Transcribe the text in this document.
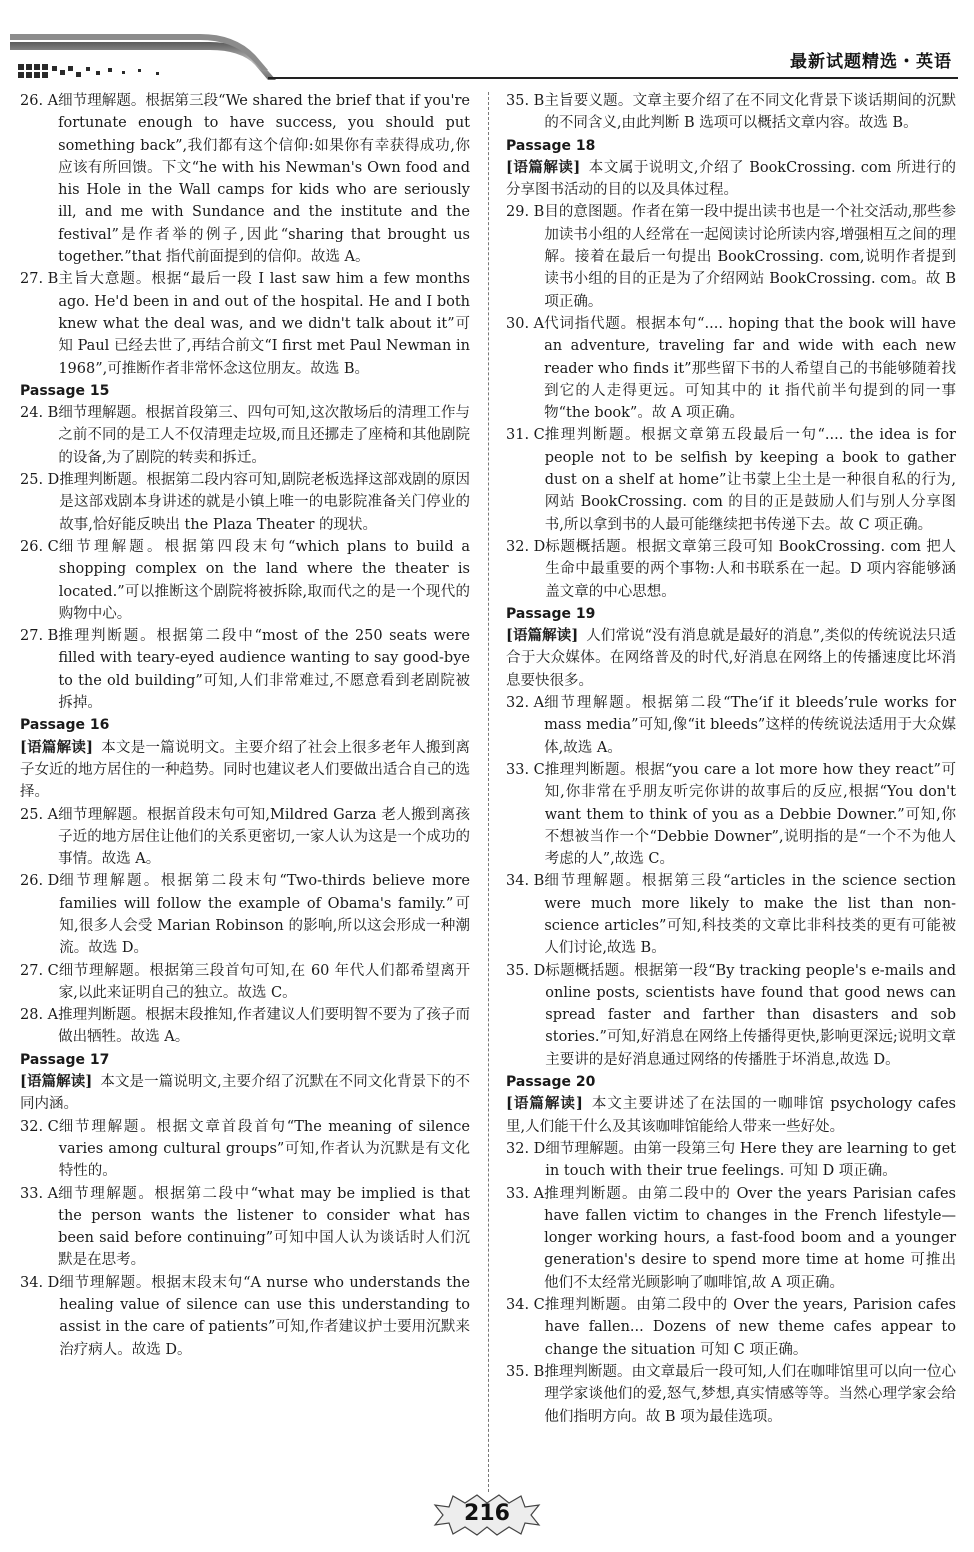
最新试题精选・英语
26. A 细节理解题。根据第三段“We shared the brief that if you're fortunate enough to have success, you should put something back”,我们都有这个信仰:如果你有幸获得成功,你应该有所回馈。下文“he with his Newman's Own food and his Hole in the Wall camps for kids who are seriously ill, and me with Sundance and the institute and the festival”是作者举的例子,因此“sharing that brought us together.”that 指代前面提到的信仰。故选 A。
27. B 主旨大意题。根据“最后一段 I last saw him a few months ago. He'd been in and out of the hospital. He and I both knew what the deal was, and we didn't talk about it”可知 Paul 已经去世了,再结合前文“I first met Paul Newman in 1968”,可推断作者非常怀念这位朋友。故选 B。
Passage 15
24. B 细节理解题。根据首段第三、四句可知,这次散场后的清理工作与之前不同的是工人不仅清理走垃圾,而且还挪走了座椅和其他剧院的设备,为了剧院的转卖和拆迁。
25. D 推理判断题。根据第二段内容可知,剧院老板选择这部戏剧的原因是这部戏剧本身讲述的就是小镇上唯一的电影院准备关门停业的故事,恰好能反映出 the Plaza Theater 的现状。
26. C 细节理解题。根据第四段末句“which plans to build a shopping complex on the land where the theater is located.”可以推断这个剧院将被拆除,取而代之的是一个现代的购物中心。
27. B 推理判断题。根据第二段中“most of the 250 seats were filled with teary-eyed audience wanting to say good-bye to the old building”可知,人们非常难过,不愿意看到老剧院被拆掉。
Passage 16
[语篇解读] 本文是一篇说明文。主要介绍了社会上很多老年人搬到离子女近的地方居住的一种趋势。同时也建议老人们要做出适合自己的选择。
25. A 细节理解题。根据首段末句可知,Mildred Garza 老人搬到离孩子近的地方居住让他们的关系更密切,一家人认为这是一个成功的事情。故选 A。
26. D 细节理解题。根据第二段末句“Two-thirds believe more families will follow the example of Obama's family.”可知,很多人会受 Marian Robinson 的影响,所以这会形成一种潮流。故选 D。
27. C 细节理解题。根据第三段首句可知,在 60 年代人们都希望离开家,以此来证明自己的独立。故选 C。
28. A 推理判断题。根据末段推知,作者建议人们要明智不要为了孩子而做出牺牲。故选 A。
Passage 17
[语篇解读] 本文是一篇说明文,主要介绍了沉默在不同文化背景下的不同内涵。
32. C 细节理解题。根据文章首段首句“The meaning of silence varies among cultural groups”可知,作者认为沉默是有文化特性的。
33. A 细节理解题。根据第二段中“what may be implied is that the person wants the listener to consider what has been said before continuing”可知中国人认为谈话时人们沉默是在思考。
34. D 细节理解题。根据末段末句“A nurse who understands the healing value of silence can use this understanding to assist in the care of patients”可知,作者建议护士要用沉默来治疗病人。故选 D。
35. B 主旨要义题。文章主要介绍了在不同文化背景下谈话期间的沉默的不同含义,由此判断 B 选项可以概括文章内容。故选 B。
Passage 18
[语篇解读] 本文属于说明文,介绍了 BookCrossing. com 所进行的分享图书活动的目的以及具体过程。
29. B 目的意图题。作者在第一段中提出读书也是一个社交活动,那些参加读书小组的人经常在一起阅读讨论所读内容,增强相互之间的理解。接着在最后一句提出 BookCrossing. com,说明作者提到读书小组的目的正是为了介绍网站 BookCrossing. com。故 B 项正确。
30. A 代词指代题。根据本句“.... hoping that the book will have an adventure, traveling far and wide with each new reader who finds it”那些留下书的人希望自己的书能够随着找到它的人走得更远。可知其中的 it 指代前半句提到的同一事物“the book”。故 A 项正确。
31. C 推理判断题。根据文章第五段最后一句“.... the idea is for people not to be selfish by keeping a book to gather dust on a shelf at home”让书蒙上尘土是一种很自私的行为,网站 BookCrossing. com 的目的正是鼓励人们与别人分享图书,所以拿到书的人最可能继续把书传递下去。故 C 项正确。
32. D 标题概括题。根据文章第三段可知 BookCrossing. com 把人生命中最重要的两个事物:人和书联系在一起。D 项内容能够涵盖文章的中心思想。
Passage 19
[语篇解读] 人们常说“没有消息就是最好的消息”,类似的传统说法只适合于大众媒体。在网络普及的时代,好消息在网络上的传播速度比坏消息要快很多。
32. A 细节理解题。根据第二段“The‘if it bleeds’rule works for mass media”可知,像“it bleeds”这样的传统说法适用于大众媒体,故选 A。
33. C 推理判断题。根据“you care a lot more how they react”可知,你非常在乎朋友听完你讲的故事后的反应,根据“You don't want them to think of you as a Debbie Downer.”可知,你不想被当作一个“Debbie Downer”,说明指的是“一个不为他人考虑的人”,故选 C。
34. B 细节理解题。根据第三段“articles in the science section were much more likely to make the list than non-science articles”可知,科技类的文章比非科技类的更有可能被人们讨论,故选 B。
35. D 标题概括题。根据第一段“By tracking people's e-mails and online posts, scientists have found that good news can spread faster and farther than disasters and sob stories.”可知,好消息在网络上传播得更快,影响更深远;说明文章主要讲的是好消息通过网络的传播胜于坏消息,故选 D。
Passage 20
[语篇解读] 本文主要讲述了在法国的一咖啡馆 psychology cafes 里,人们能干什么及其该咖啡馆能给人带来一些好处。
32. D 细节理解题。由第一段第三句 Here they are learning to get in touch with their true feelings. 可知 D 项正确。
33. A 推理判断题。由第二段中的 Over the years Parisian cafes have fallen victim to changes in the French lifestyle—longer working hours, a fast-food boom and a younger generation's desire to spend more time at home 可推出他们不太经常光顾影响了咖啡馆,故 A 项正确。
34. C 推理判断题。由第二段中的 Over the years, Parision cafes have fallen... Dozens of new theme cafes appear to change the situation 可知 C 项正确。
35. B 推理判断题。由文章最后一段可知,人们在咖啡馆里可以向一位心理学家谈他们的爱,怒气,梦想,真实情感等等。当然心理学家会给他们指明方向。故 B 项为最佳选项。
216
